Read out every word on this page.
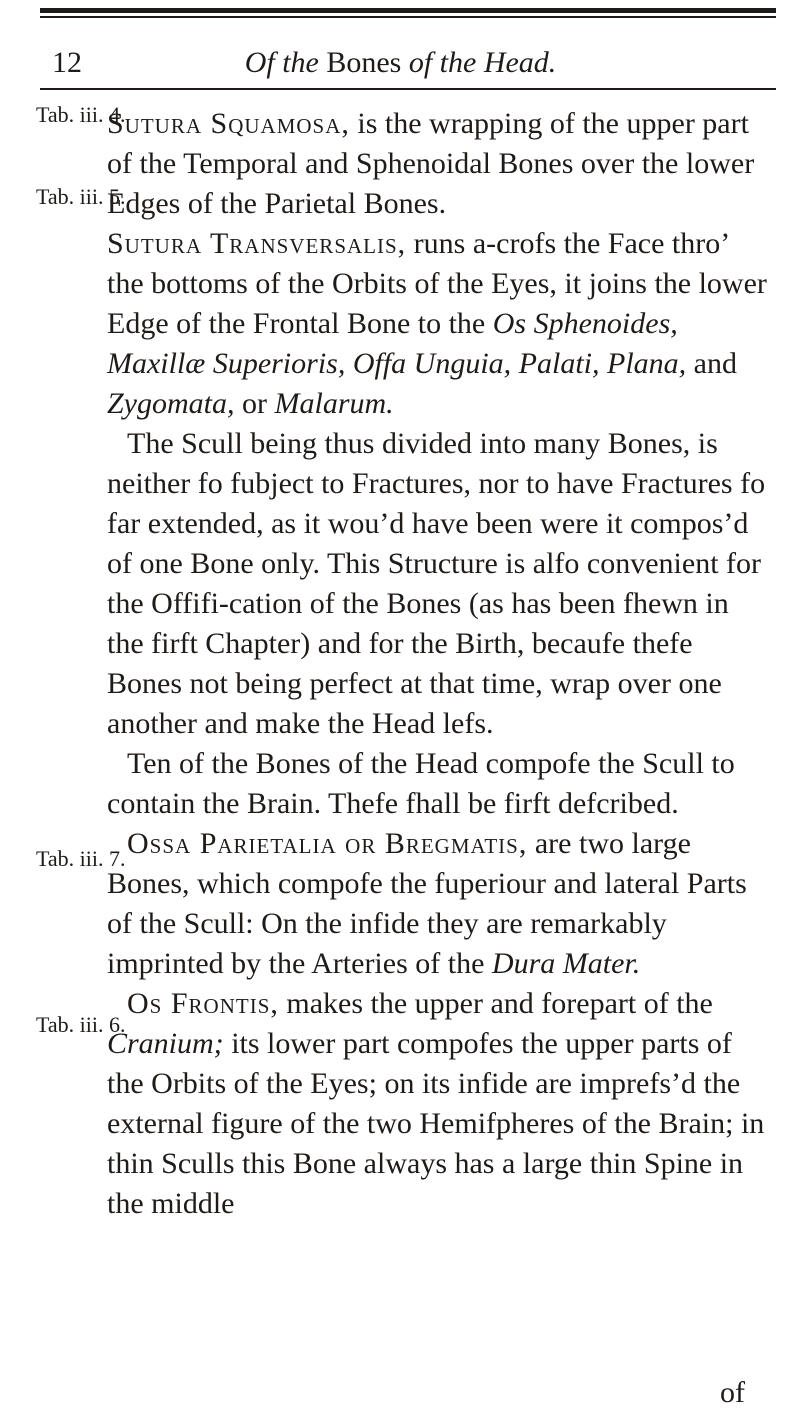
12	Of the Bones of the Head.
Tab. iii. 4.
Tab. iii. 5.
Tab. iii. 7.
Tab. iii. 6.

Sutura Squamosa, is the wrapping of the upper part of the Temporal and Sphenoidal Bones over the lower Edges of the Parietal Bones.

Sutura Transversalis, runs a-crofs the Face thro’ the bottoms of the Orbits of the Eyes, it joins the lower Edge of the Frontal Bone to the Os Sphenoides, Maxillæ Superioris, Offa Unguia, Palati, Plana, and Zygomata, or Malarum.

The Scull being thus divided into many Bones, is neither fo fubject to Fractures, nor to have Fractures fo far extended, as it wou’d have been were it compos’d of one Bone only. This Structure is alfo convenient for the Offifi-cation of the Bones (as has been fhewn in the firft Chapter) and for the Birth, becaufe thefe Bones not being perfect at that time, wrap over one another and make the Head lefs.

Ten of the Bones of the Head compofe the Scull to contain the Brain. Thefe fhall be firft defcribed.

Ossa Parietalia or Bregmatis, are two large Bones, which compofe the fuperiour and lateral Parts of the Scull: On the infide they are remarkably imprinted by the Arteries of the Dura Mater.

Os Frontis, makes the upper and forepart of the Cranium; its lower part compofes the upper parts of the Orbits of the Eyes; on its infide are imprefs’d the external figure of the two Hemifpheres of the Brain; in thin Sculls this Bone always has a large thin Spine in the middle

of
